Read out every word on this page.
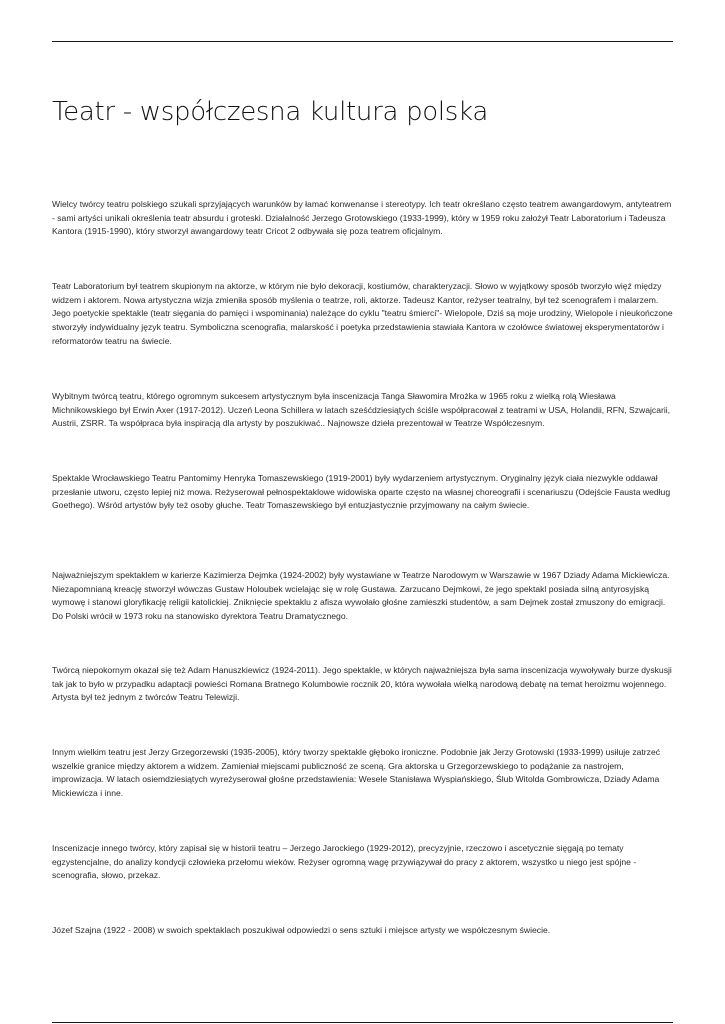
Teatr - współczesna kultura polska

Wielcy twórcy teatru polskiego szukali sprzyjających warunków by łamać konwenanse i stereotypy. Ich teatr określano często teatrem awangardowym, antyteatrem - sami artyści unikali określenia teatr absurdu i groteski. Działalność Jerzego Grotowskiego (1933-1999), który w 1959 roku założył Teatr Laboratorium i Tadeusza Kantora (1915-1990), który stworzył awangardowy teatr Cricot 2 odbywała się poza teatrem oficjalnym.

Teatr Laboratorium był teatrem skupionym na aktorze, w którym nie było dekoracji, kostiumów, charakteryzacji. Słowo w wyjątkowy sposób tworzyło więź między widzem i aktorem. Nowa artystyczna wizja zmieniła sposób myślenia o teatrze, roli, aktorze. Tadeusz Kantor, reżyser teatralny, był też scenografem i malarzem. Jego poetyckie spektakle (teatr sięgania do pamięci i wspominania) należące do cyklu "teatru śmierci"- Wielopole, Dziś są moje urodziny, Wielopole i nieukończone stworzyły indywidualny język teatru. Symboliczna scenografia, malarskość i poetyka przedstawienia stawiała Kantora w czołówce światowej eksperymentatorów i reformatorów teatru na świecie.

Wybitnym twórcą teatru, którego ogromnym sukcesem artystycznym była inscenizacja Tanga Sławomira Mrożka w 1965 roku z wielką rolą Wiesława Michnikowskiego był Erwin Axer (1917-2012). Uczeń Leona Schillera w latach sześćdziesiątych ściśle współpracował z teatrami w USA, Holandii, RFN, Szwajcarii, Austrii, ZSRR. Ta współpraca była inspiracją dla artysty by poszukiwać.. Najnowsze dzieła prezentował w Teatrze Współczesnym.

Spektakle Wrocławskiego Teatru Pantomimy Henryka Tomaszewskiego (1919-2001) były wydarzeniem artystycznym. Oryginalny język ciała niezwykle oddawał przesłanie utworu, często lepiej niż mowa. Reżyserował pełnospektaklowe widowiska oparte często na własnej choreografii i scenariuszu (Odejście Fausta według Goethego). Wśród artystów były też osoby głuche. Teatr Tomaszewskiego był entuzjastycznie przyjmowany na całym świecie.

Najważniejszym spektaklem w karierze Kazimierza Dejmka (1924-2002) były wystawiane w Teatrze Narodowym w Warszawie w 1967 Dziady Adama Mickiewicza. Niezapomnianą kreację stworzył wówczas Gustaw Holoubek wcielając się w rolę Gustawa. Zarzucano Dejmkowi, że jego spektakl posiada silną antyrosyjską wymowę i stanowi gloryfikację religii katolickiej. Zniknięcie spektaklu z afisza wywołało głośne zamieszki studentów, a sam Dejmek został zmuszony do emigracji. Do Polski wrócił w 1973 roku na stanowisko dyrektora Teatru Dramatycznego.

Twórcą niepokornym okazał się też Adam Hanuszkiewicz (1924-2011). Jego spektakle, w których najważniejsza była sama inscenizacja wywoływały burze dyskusji tak jak to było w przypadku adaptacji powieści Romana Bratnego Kolumbowie rocznik 20, która wywołała wielką narodową debatę na temat heroizmu wojennego. Artysta był też jednym z twórców Teatru Telewizji.

Innym wielkim teatru jest Jerzy Grzegorzewski (1935-2005), który tworzy spektakle głęboko ironiczne. Podobnie jak Jerzy Grotowski (1933-1999) usiłuje zatrzeć wszelkie granice między aktorem a widzem. Zamieniał miejscami publiczność ze sceną. Gra aktorska u Grzegorzewskiego to podążanie za nastrojem, improwizacja. W latach osiemdziesiątych wyreżyserował głośne przedstawienia: Wesele Stanisława Wyspiańskiego, Ślub Witolda Gombrowicza, Dziady Adama Mickiewicza i inne.

Inscenizacje innego twórcy, który zapisał się w historii teatru – Jerzego Jarockiego (1929-2012), precyzyjnie, rzeczowo i ascetycznie sięgają po tematy egzystencjalne, do analizy kondycji człowieka przełomu wieków. Reżyser ogromną wagę przywiązywał do pracy z aktorem, wszystko u niego jest spójne - scenografia, słowo, przekaz.

Józef Szajna (1922 - 2008) w swoich spektaklach poszukiwał odpowiedzi o sens sztuki i miejsce artysty we współczesnym świecie.
